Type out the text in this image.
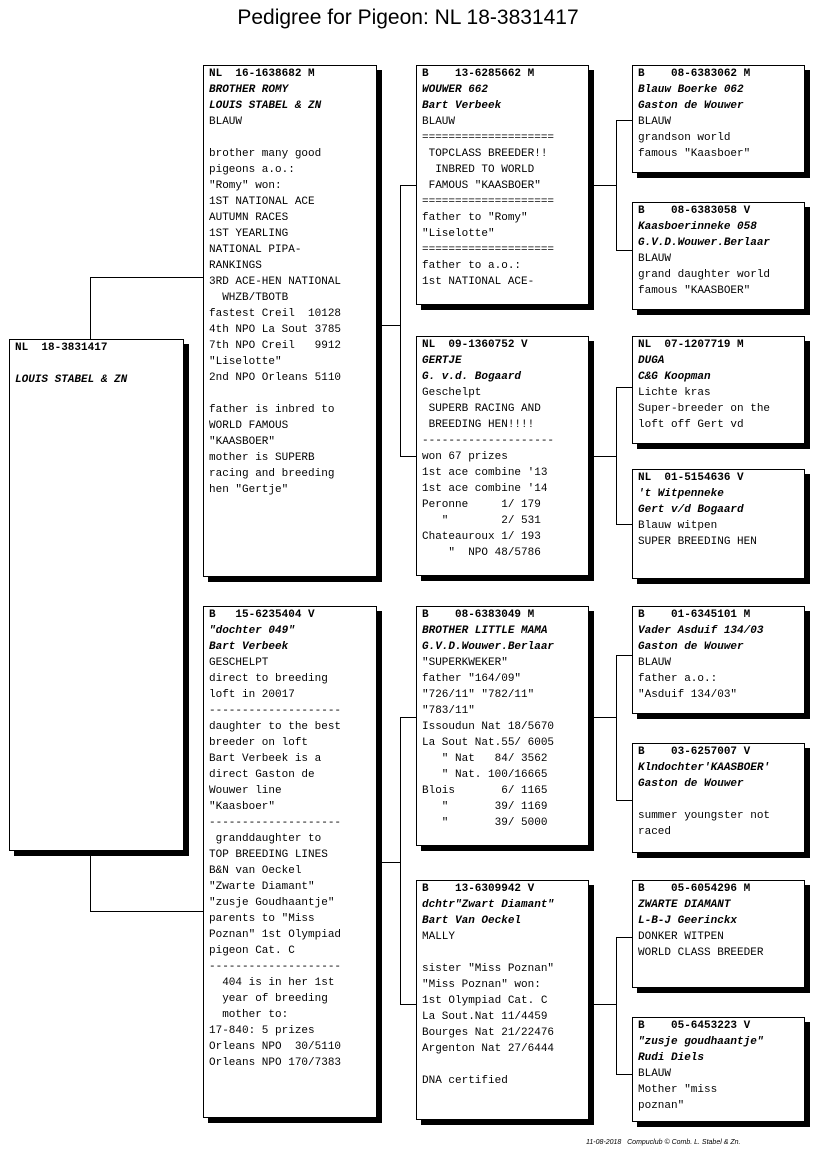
Pedigree for Pigeon: NL 18-3831417
NL  18-3831417
LOUIS STABEL & ZN
NL  16-1638682 M
BROTHER ROMY
LOUIS STABEL & ZN
BLAUW
brother many good
pigeons a.o.:
"Romy" won:
1ST NATIONAL ACE
AUTUMN RACES
1ST YEARLING
NATIONAL PIPA-
RANKINGS
3RD ACE-HEN NATIONAL
WHZB/TBOTB
fastest Creil  10128
4th NPO La Sout 3785
7th NPO Creil   9912
"Liselotte"
2nd NPO Orleans 5110
father is inbred to
WORLD FAMOUS
"KAASBOER"
mother is SUPERB
racing and breeding
hen "Gertje"
B   15-6235404 V
"dochter 049"
Bart Verbeek
GESCHELPT
direct to breeding
loft in 20017
--------------------
daughter to the best
breeder on loft
Bart Verbeek is a
direct Gaston de
Wouwer line
"Kaasboer"
--------------------
granddaughter to
TOP BREEDING LINES
B&N van Oeckel
"Zwarte Diamant"
"zusje Goudhaantje"
parents to "Miss
Poznan" 1st Olympiad
pigeon Cat. C
--------------------
404 is in her 1st
year of breeding
mother to:
17-840: 5 prizes
Orleans NPO  30/5110
Orleans NPO 170/7383
B    13-6285662 M
WOUWER 662
Bart Verbeek
BLAUW
====================
TOPCLASS BREEDER!!
INBRED TO WORLD
FAMOUS "KAASBOER"
====================
father to "Romy"
"Liselotte"
====================
father to a.o.:
1st NATIONAL ACE-
NL  09-1360752 V
GERTJE
G. v.d. Bogaard
Geschelpt
SUPERB RACING AND
BREEDING HEN!!!!
--------------------
won 67 prizes
1st ace combine '13
1st ace combine '14
Peronne     1/ 179
"        2/ 531
Chateauroux 1/ 193
"  NPO 48/5786
B    08-6383049 M
BROTHER LITTLE MAMA
G.V.D.Wouwer.Berlaar
"SUPERKWEKER"
father "164/09"
"726/11" "782/11"
"783/11"
Issoudun Nat 18/5670
La Sout Nat.55/ 6005
" Nat   84/ 3562
" Nat. 100/16665
Blois       6/ 1165
"       39/ 1169
"       39/ 5000
B    13-6309942 V
dchtr"Zwart Diamant"
Bart Van Oeckel
MALLY
sister "Miss Poznan"
"Miss Poznan" won:
1st Olympiad Cat. C
La Sout.Nat 11/4459
Bourges Nat 21/22476
Argenton Nat 27/6444
DNA certified
B    08-6383062 M
Blauw Boerke 062
Gaston de Wouwer
BLAUW
grandson world
famous "Kaasboer"
B    08-6383058 V
Kaasboerinneke 058
G.V.D.Wouwer.Berlaar
BLAUW
grand daughter world
famous "KAASBOER"
NL  07-1207719 M
DUGA
C&G Koopman
Lichte kras
Super-breeder on the
loft off Gert vd
NL  01-5154636 V
't Witpenneke
Gert v/d Bogaard
Blauw witpen
SUPER BREEDING HEN
B    01-6345101 M
Vader Asduif 134/03
Gaston de Wouwer
BLAUW
father a.o.:
"Asduif 134/03"
B    03-6257007 V
Klndochter'KAASBOER'
Gaston de Wouwer
summer youngster not
raced
B    05-6054296 M
ZWARTE DIAMANT
L-B-J Geerinckx
DONKER WITPEN
WORLD CLASS BREEDER
B    05-6453223 V
"zusje goudhaantje"
Rudi Diels
BLAUW
Mother "miss
poznan"
11-08-2018   Compuclub © Comb. L. Stabel & Zn.
